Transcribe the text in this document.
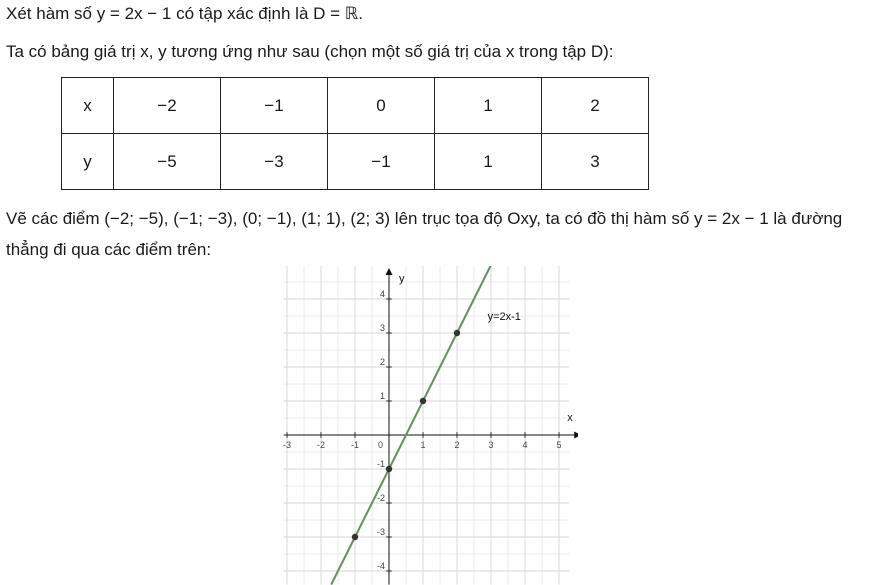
Xét hàm số y = 2x − 1 có tập xác định là D = ℝ.
Ta có bảng giá trị x, y tương ứng như sau (chọn một số giá trị của x trong tập D):
x	−2	−1	0	1	2
y	−5	−3	−1	1	3
Vẽ các điểm (−2; −5), (−1; −3), (0; −1), (1; 1), (2; 3) lên trục tọa độ Oxy, ta có đồ thị hàm số y = 2x − 1 là đường thẳng đi qua các điểm trên:
x
y
-3	-2	-1	1	2	3	4	5
-4
-3
-2
-1
1
2
3
4
0
y=2x-1
